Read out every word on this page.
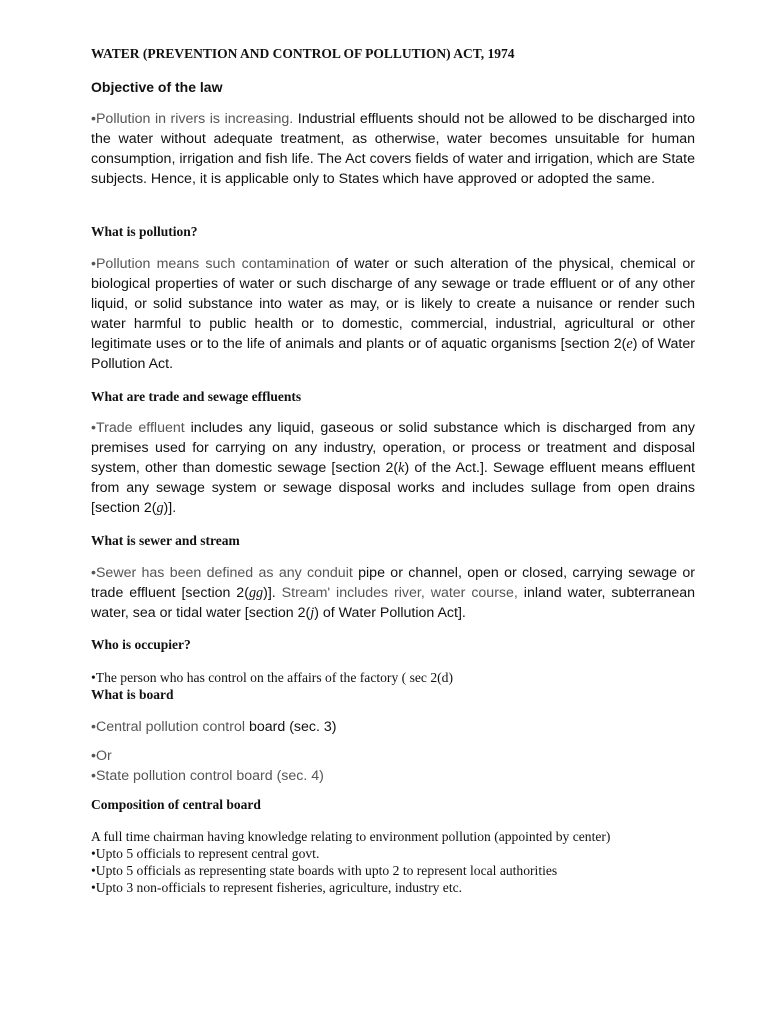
WATER (PREVENTION AND CONTROL OF POLLUTION) ACT, 1974
Objective of the law
•Pollution in rivers is increasing. Industrial effluents should not be allowed to be discharged into the water without adequate treatment, as otherwise, water becomes unsuitable for human consumption, irrigation and fish life. The Act covers fields of water and irrigation, which are State subjects. Hence, it is applicable only to States which have approved or adopted the same.
What is pollution?
•Pollution means such contamination of water or such alteration of the physical, chemical or biological properties of water or such discharge of any sewage or trade effluent or of any other liquid, or solid substance into water as may, or is likely to create a nuisance or render such water harmful to public health or to domestic, commercial, industrial, agricultural or other legitimate uses or to the life of animals and plants or of aquatic organisms [section 2(e) of Water Pollution Act.
What are trade and sewage effluents
•Trade effluent includes any liquid, gaseous or solid substance which is discharged from any premises used for carrying on any industry, operation, or process or treatment and disposal system, other than domestic sewage [section 2(k) of the Act.]. Sewage effluent means effluent from any sewage system or sewage disposal works and includes sullage from open drains [section 2(g)].
What is sewer and stream
•Sewer has been defined as any conduit pipe or channel, open or closed, carrying sewage or trade effluent [section 2(gg)]. Stream' includes river, water course, inland water, subterranean water, sea or tidal water [section 2(j) of Water Pollution Act].
Who is occupier?
•The person who has control on the affairs of the factory ( sec 2(d)
What is board
•Central pollution control board (sec. 3)
•Or
•State pollution control board (sec. 4)
Composition of central board
A full time chairman having knowledge relating to environment pollution (appointed by center)
•Upto 5 officials to represent central govt.
•Upto 5 officials as representing state boards with upto 2 to represent local authorities
•Upto 3 non-officials to represent fisheries, agriculture, industry etc.
